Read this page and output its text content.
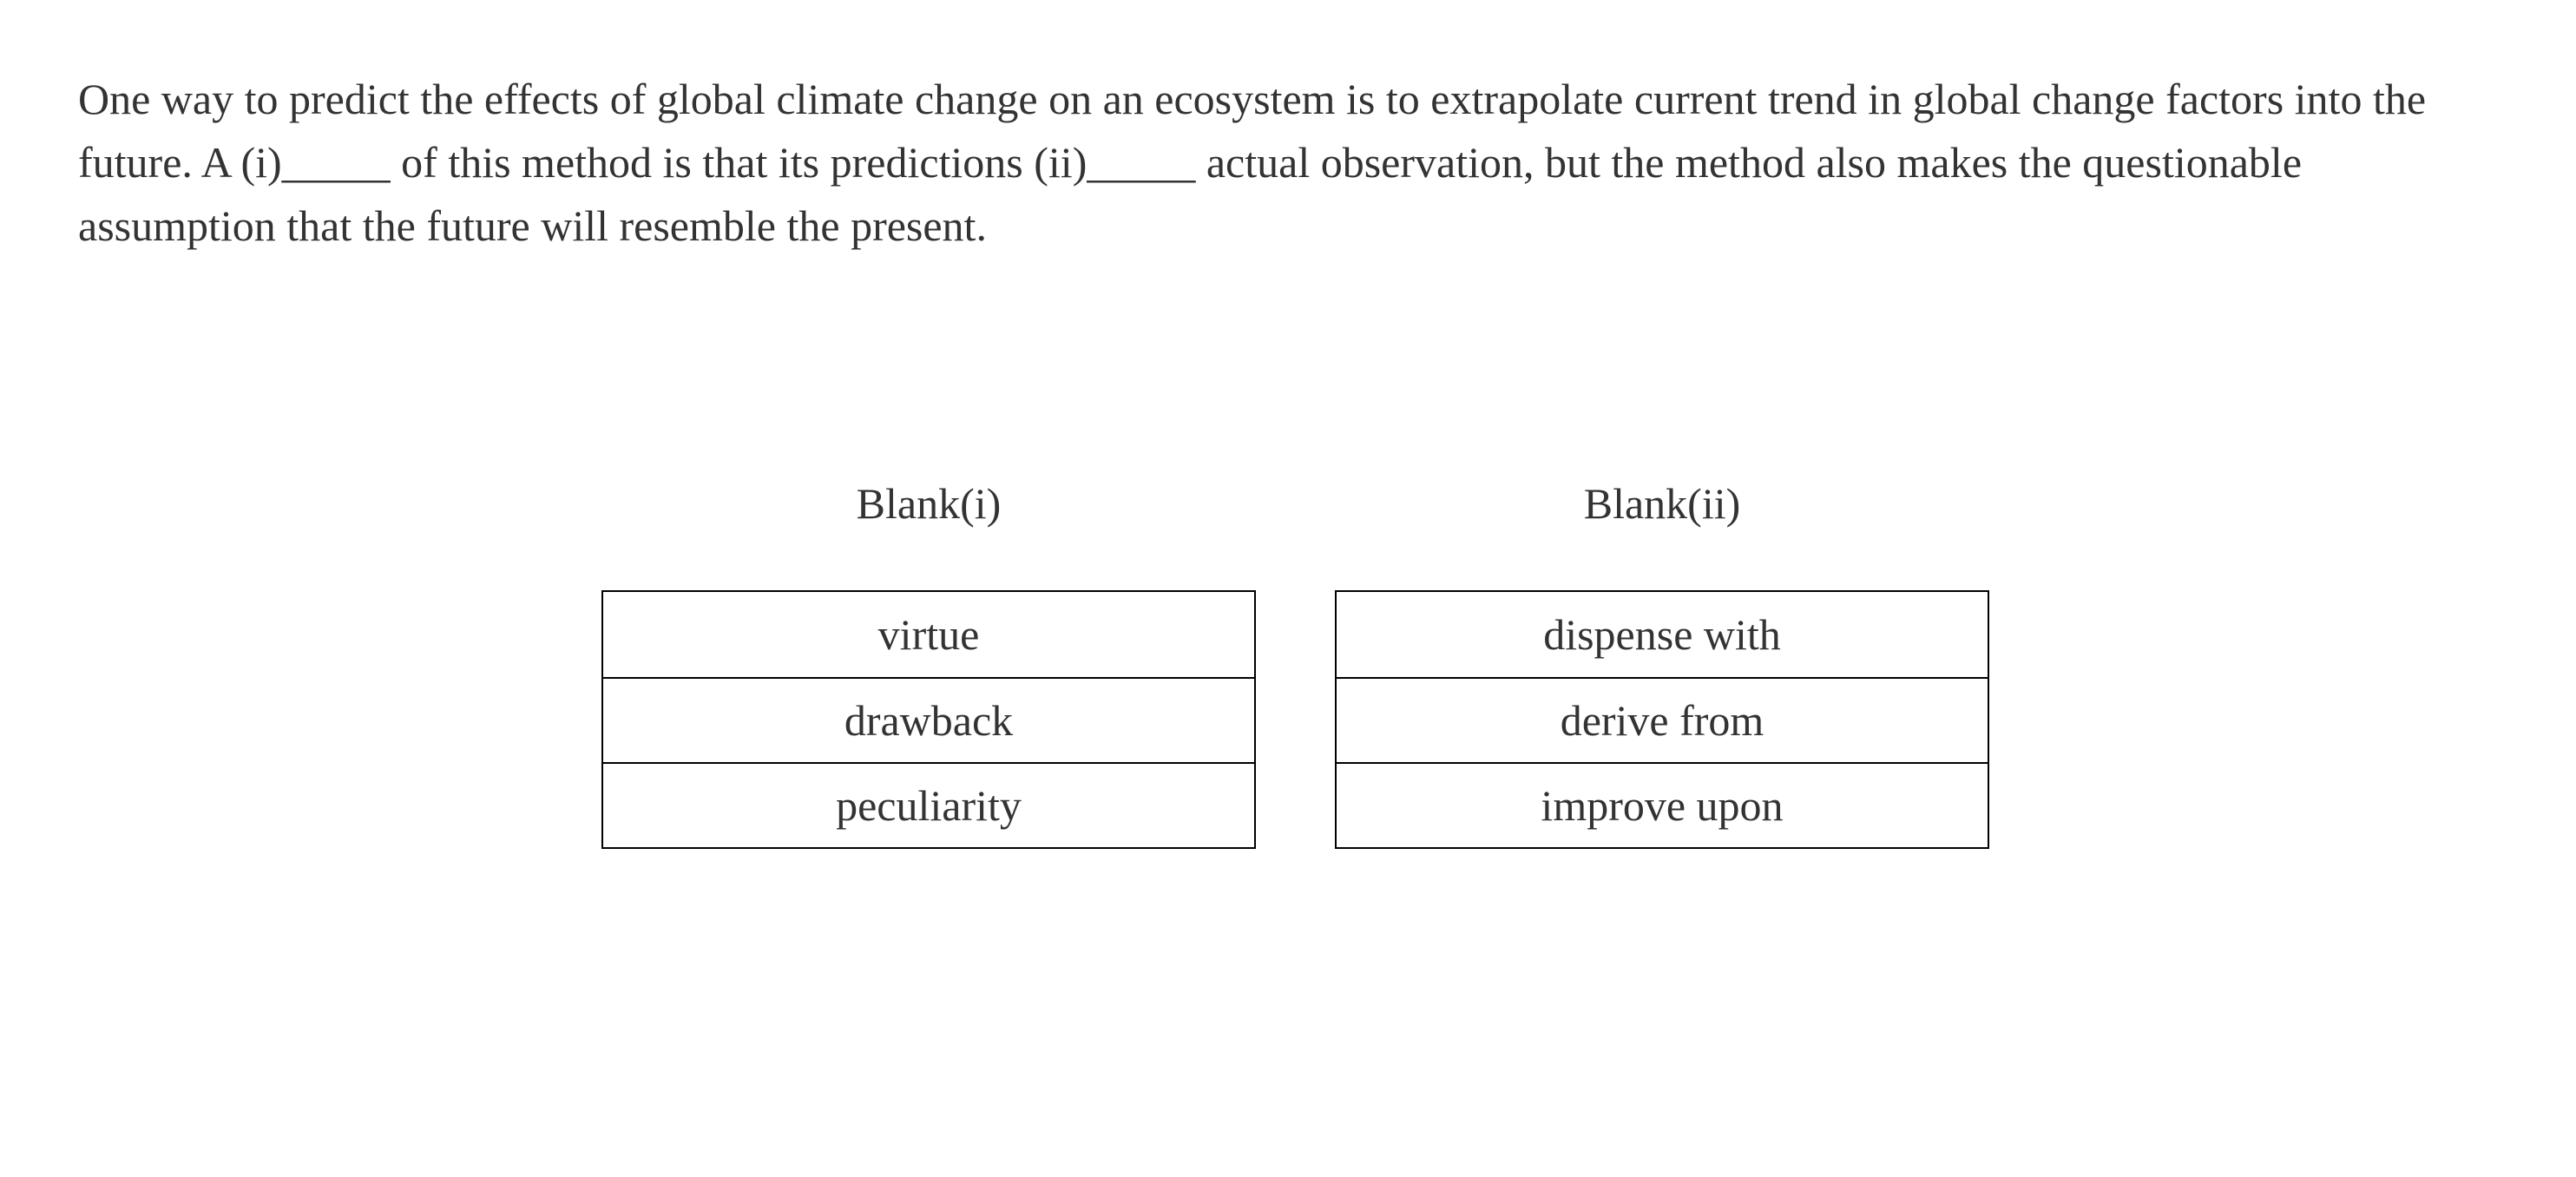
One way to predict the effects of global climate change on an ecosystem is to extrapolate current trend in global change factors into the
future. A (i)_____ of this method is that its predictions (ii)_____ actual observation, but the method also makes the questionable
assumption that the future will resemble the present.

Blank(i)
virtue
drawback
peculiarity
Blank(ii)
dispense with
derive from
improve upon
